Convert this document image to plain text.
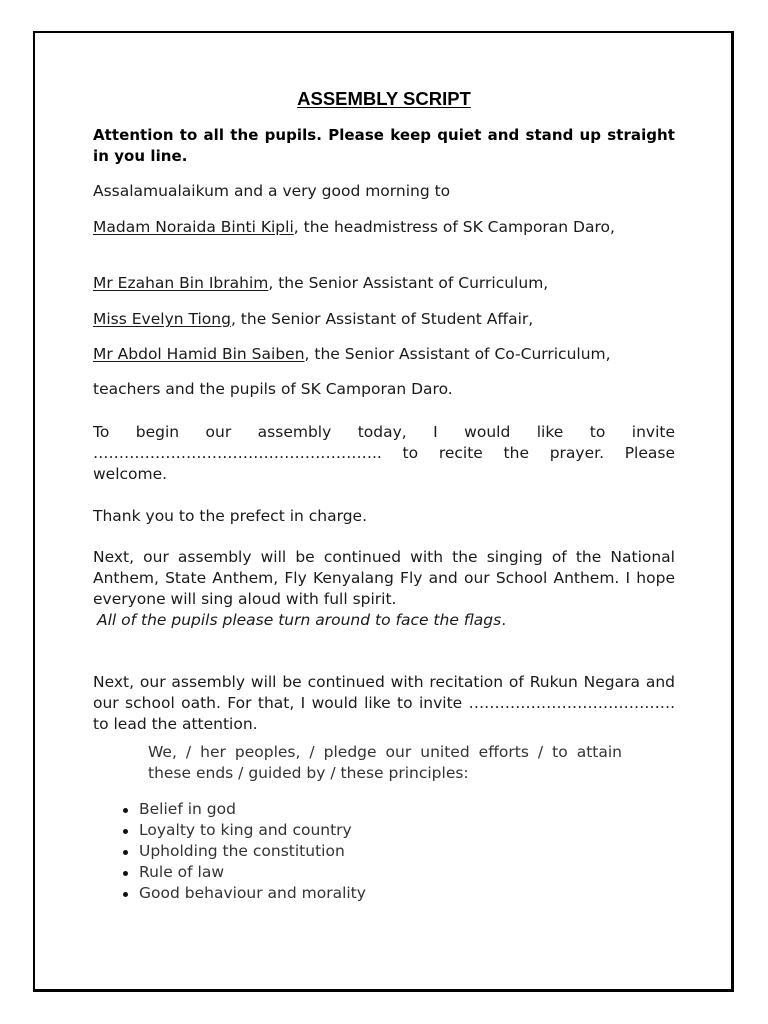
ASSEMBLY SCRIPT

Attention to all the pupils. Please keep quiet and stand up straight in you line.

Assalamualaikum and a very good morning to

Madam Noraida Binti Kipli, the headmistress of SK Camporan Daro,

Mr Ezahan Bin Ibrahim, the Senior Assistant of Curriculum,

Miss Evelyn Tiong, the Senior Assistant of Student Affair,

Mr Abdol Hamid Bin Saiben, the Senior Assistant of Co-Curriculum,

teachers and the pupils of SK Camporan Daro.

To begin our assembly today, I would like to invite ……………………………………………….. to recite the prayer. Please welcome.

Thank you to the prefect in charge.

Next, our assembly will be continued with the singing of the National Anthem, State Anthem, Fly Kenyalang Fly and our School Anthem. I hope everyone will sing aloud with full spirit.

All of the pupils please turn around to face the flags.

Next, our assembly will be continued with recitation of Rukun Negara and our school oath. For that, I would like to invite …………………………………. to lead the attention.

We, / her peoples, / pledge our united efforts / to attain these ends / guided by / these principles:

Belief in god
Loyalty to king and country
Upholding the constitution
Rule of law
Good behaviour and morality
